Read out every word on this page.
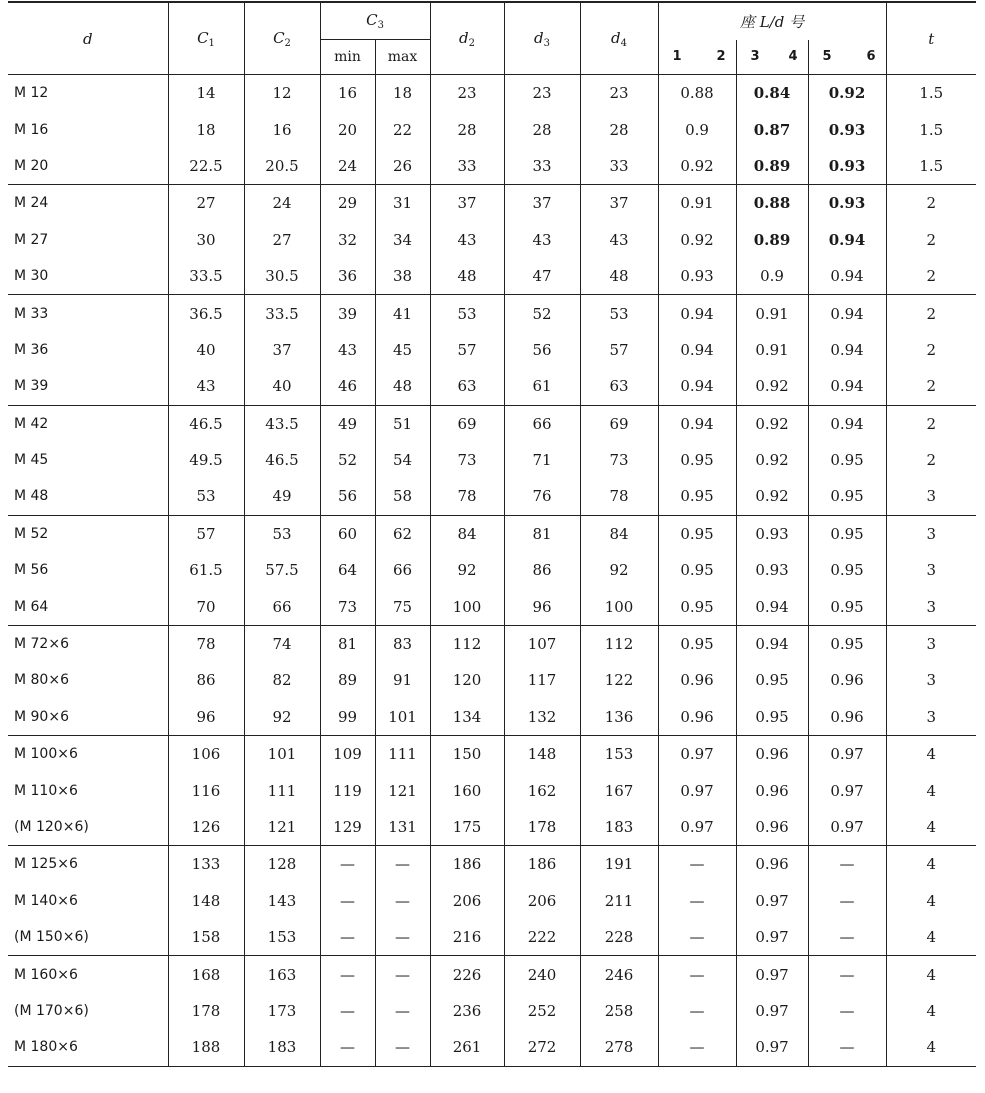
d	$C_1$	$C_2$	$C_3$		$d_2$	$d_3$	$d_4$	座 L/d 号			t
			min	max				1 2	3 4	5 6	

M 12	14	12	16	18	23	23	23	0.88	0.84	0.92	1.5
M 16	18	16	20	22	28	28	28	0.9	0.87	0.93	1.5
M 20	22.5	20.5	24	26	33	33	33	0.92	0.89	0.93	1.5
M 24	27	24	29	31	37	37	37	0.91	0.88	0.93	2
M 27	30	27	32	34	43	43	43	0.92	0.89	0.94	2
M 30	33.5	30.5	36	38	48	47	48	0.93	0.9	0.94	2
M 33	36.5	33.5	39	41	53	52	53	0.94	0.91	0.94	2
M 36	40	37	43	45	57	56	57	0.94	0.91	0.94	2
M 39	43	40	46	48	63	61	63	0.94	0.92	0.94	2
M 42	46.5	43.5	49	51	69	66	69	0.94	0.92	0.94	2
M 45	49.5	46.5	52	54	73	71	73	0.95	0.92	0.95	2
M 48	53	49	56	58	78	76	78	0.95	0.92	0.95	3
M 52	57	53	60	62	84	81	84	0.95	0.93	0.95	3
M 56	61.5	57.5	64	66	92	86	92	0.95	0.93	0.95	3
M 64	70	66	73	75	100	96	100	0.95	0.94	0.95	3
M 72×6	78	74	81	83	112	107	112	0.95	0.94	0.95	3
M 80×6	86	82	89	91	120	117	122	0.96	0.95	0.96	3
M 90×6	96	92	99	101	134	132	136	0.96	0.95	0.96	3
M 100×6	106	101	109	111	150	148	153	0.97	0.96	0.97	4
M 110×6	116	111	119	121	160	162	167	0.97	0.96	0.97	4
(M 120×6)	126	121	129	131	175	178	183	0.97	0.96	0.97	4
M 125×6	133	128	—	—	186	186	191	—	0.96	—	4
M 140×6	148	143	—	—	206	206	211	—	0.97	—	4
(M 150×6)	158	153	—	—	216	222	228	—	0.97	—	4
M 160×6	168	163	—	—	226	240	246	—	0.97	—	4
(M 170×6)	178	173	—	—	236	252	258	—	0.97	—	4
M 180×6	188	183	—	—	261	272	278	—	0.97	—	4
